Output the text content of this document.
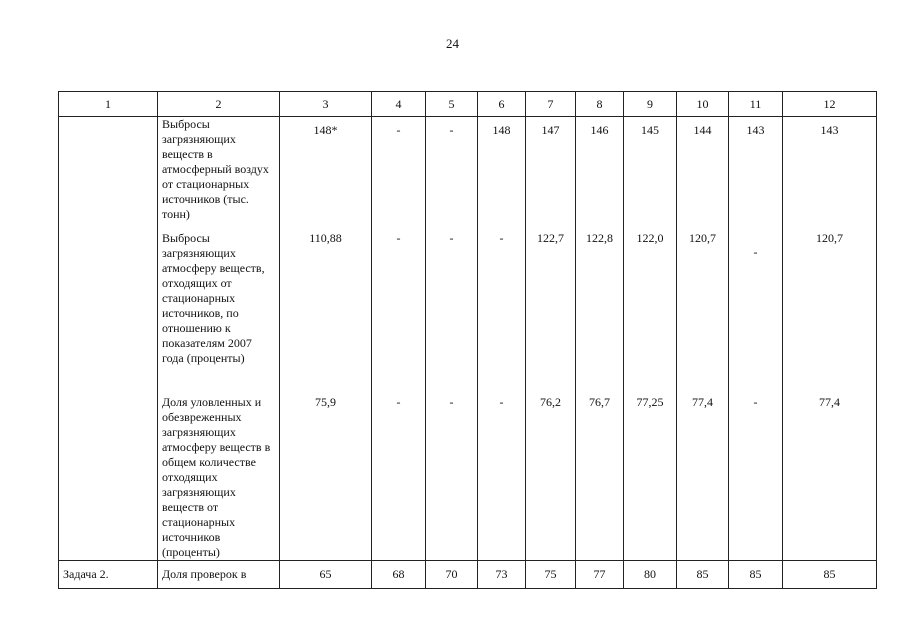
24
1	2	3	4	5	6	7	8	9	10	11	12
	Выбросы загрязняющих веществ в атмосферный воздух от стационарных источников (тыс. тонн)	148*	-	-	148	147	146	145	144	143	143
	Выбросы загрязняющих атмосферу веществ, отходящих от стационарных источников, по отношению к показателям 2007 года (проценты)	110,88	-	-	-	122,7	122,8	122,0	120,7	-	120,7
	Доля уловленных и обезвреженных загрязняющих атмосферу веществ в общем количестве отходящих загрязняющих веществ от стационарных источников (проценты)	75,9	-	-	-	76,2	76,7	77,25	77,4	-	77,4
Задача 2.	Доля проверок в	65	68	70	73	75	77	80	85	85	85
